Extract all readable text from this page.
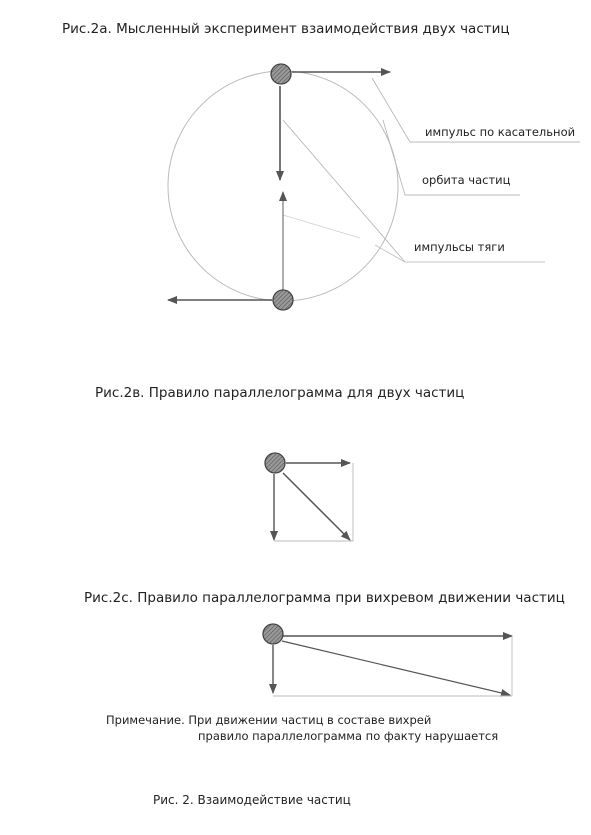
Рис.2а. Мысленный эксперимент взаимодействия двух частиц
импульс по касательной
орбита частиц
импульсы тяги
Рис.2в. Правило параллелограмма для двух частиц
Рис.2с. Правило параллелограмма при вихревом движении частиц
Примечание. При движении частиц в составе вихрей
правило параллелограмма по факту нарушается
Рис. 2. Взаимодействие частиц
